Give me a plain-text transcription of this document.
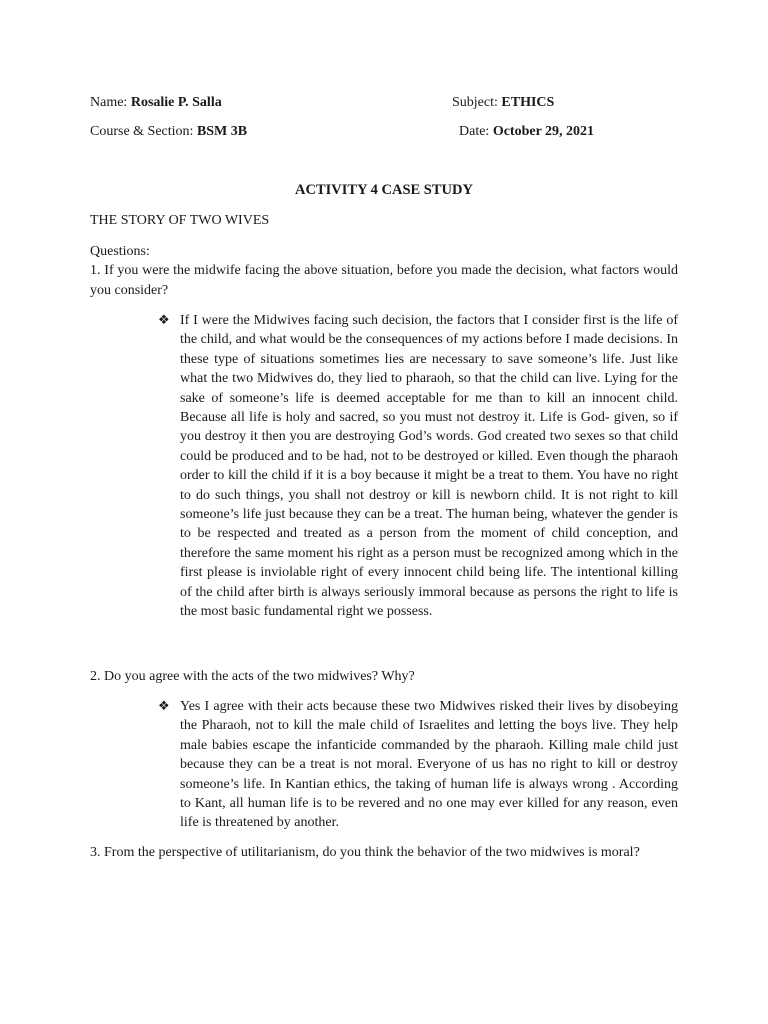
Name: Rosalie P. Salla	Subject: ETHICS
Course & Section: BSM 3B	Date: October 29, 2021
ACTIVITY 4 CASE STUDY
THE STORY OF TWO WIVES

Questions:

1. If you were the midwife facing the above situation, before you made the decision, what factors would you consider?

❖ If I were the Midwives facing such decision, the factors that I consider first is the life of the child, and what would be the consequences of my actions before I made decisions. In these type of situations sometimes lies are necessary to save someone’s life. Just like what the two Midwives do, they lied to pharaoh, so that the child can live. Lying for the sake of someone’s life is deemed acceptable for me than to kill an innocent child. Because all life is holy and sacred, so you must not destroy it. Life is God- given, so if you destroy it then you are destroying God’s words. God created two sexes so that child could be produced and to be had, not to be destroyed or killed. Even though the pharaoh order to kill the child if it is a boy because it might be a treat to them. You have no right to do such things, you shall not destroy or kill is newborn child. It is not right to kill someone’s life just because they can be a treat. The human being, whatever the gender is to be respected and treated as a person from the moment of child conception, and therefore the same moment his right as a person must be recognized among which in the first please is inviolable right of every innocent child being life. The intentional killing of the child after birth is always seriously immoral because as persons the right to life is the most basic fundamental right we possess.
2. Do you agree with the acts of the two midwives? Why?
❖ Yes I agree with their acts because these two Midwives risked their lives by disobeying the Pharaoh, not to kill the male child of Israelites and letting the boys live. They help male babies escape the infanticide commanded by the pharaoh. Killing male child just because they can be a treat is not moral. Everyone of us has no right to kill or destroy someone’s life. In Kantian ethics, the taking of human life is always wrong . According to Kant, all human life is to be revered and no one may ever killed for any reason, even life is threatened by another.
3. From the perspective of utilitarianism, do you think the behavior of the two midwives is moral?
